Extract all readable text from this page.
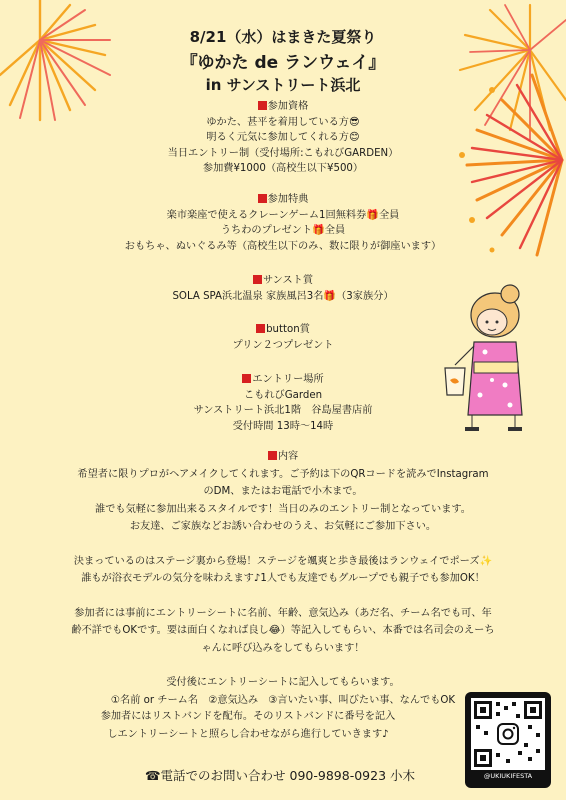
8/21（水）はまきた夏祭り
『ゆかた de ランウェイ』
in サンストリート浜北
参加資格
ゆかた、甚平を着用している方😎
明るく元気に参加してくれる方😊
当日エントリー制（受付場所:こもれびGARDEN）
参加費¥1000（高校生以下¥500）
参加特典
楽市楽座で使えるクレーンゲーム1回無料券🎁全員
うちわのプレゼント🎁全員
おもちゃ、ぬいぐるみ等（高校生以下のみ、数に限りが御座います）
サンスト賞
SOLA SPA浜北温泉 家族風呂3名🎁（3家族分）
button賞
プリン２つプレゼント
エントリー場所
こもれびGarden
サンストリート浜北1階　谷島屋書店前
受付時間 13時〜14時
内容
希望者に限りプロがヘアメイクしてくれます。ご予約は下のQRコードを読みでInstagram
のDM、またはお電話で小木まで。
誰でも気軽に参加出来るスタイルです！当日のみのエントリー制となっています。
お友達、ご家族などお誘い合わせのうえ、お気軽にご参加下さい。
決まっているのはステージ裏から登場！ステージを颯爽と歩き最後はランウェイでポーズ✨
誰もが浴衣モデルの気分を味わえます♪1人でも友達でもグループでも親子でも参加OK！
参加者には事前にエントリーシートに名前、年齢、意気込み（あだ名、チーム名でも可、年
齢不詳でもOKです。要は面白くなれば良し😂）等記入してもらい、本番では名司会のえーち
ゃんに呼び込みをしてもらいます！
受付後にエントリーシートに記入してもらいます。
①名前 or チーム名　②意気込み　③言いたい事、叫びたい事、なんでもOK
参加者にはリストバンドを配布。そのリストバンドに番号を記入
しエントリーシートと照らし合わせながら進行していきます♪
☎電話でのお問い合わせ 090-9898-0923 小木	@UKIUKIFESTA
